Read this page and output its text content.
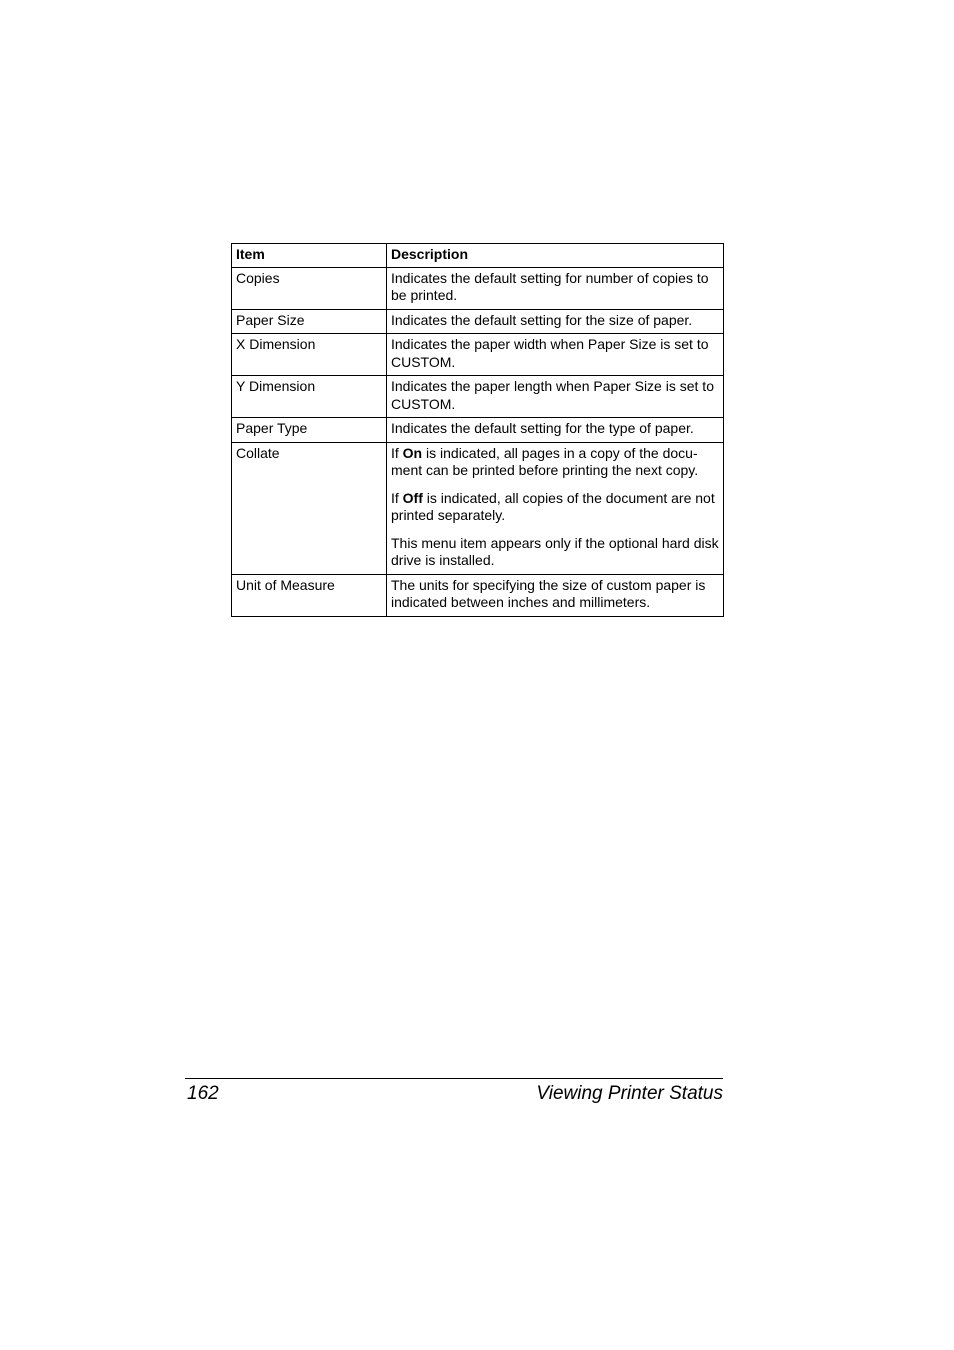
Item	Description
Copies	Indicates the default setting for number of copies to be printed.
Paper Size	Indicates the default setting for the size of paper.
X Dimension	Indicates the paper width when Paper Size is set to CUSTOM.
Y Dimension	Indicates the paper length when Paper Size is set to CUSTOM.
Paper Type	Indicates the default setting for the type of paper.
Collate	If On is indicated, all pages in a copy of the docu-ment can be printed before printing the next copy.
If Off is indicated, all copies of the document are not printed separately.
This menu item appears only if the optional hard disk drive is installed.

Unit of Measure	The units for specifying the size of custom paper is indicated between inches and millimeters.
162	Viewing Printer Status
